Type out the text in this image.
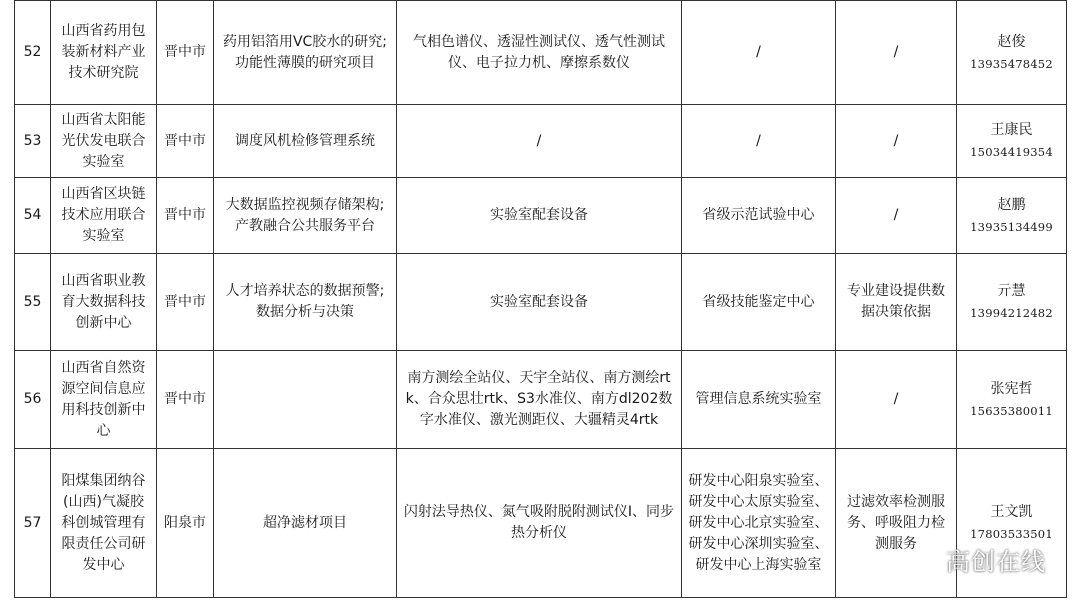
52	山西省药用包装新材料产业技术研究院	晋中市	药用铝箔用VC胶水的研究;功能性薄膜的研究项目	气相色谱仪、透湿性测试仪、透气性测试仪、电子拉力机、摩擦系数仪	/	/	赵俊
13935478452

53	山西省太阳能光伏发电联合实验室	晋中市	调度风机检修管理系统	/	/	/	王康民
15034419354

54	山西省区块链技术应用联合实验室	晋中市	大数据监控视频存储架构;产教融合公共服务平台	实验室配套设备	省级示范试验中心	/	赵鹏
13935134499

55	山西省职业教育大数据科技创新中心	晋中市	人才培养状态的数据预警;数据分析与决策	实验室配套设备	省级技能鉴定中心	专业建设提供数据决策依据	亓慧
13994212482

56	山西省自然资源空间信息应用科技创新中心	晋中市		南方测绘全站仪、天宇全站仪、南方测绘rtk、合众思壮rtk、S3水准仪、南方dl202数字水准仪、激光测距仪、大疆精灵4rtk	管理信息系统实验室	/	张宪哲
15635380011

57	阳煤集团纳谷(山西)气凝胶科创城管理有限责任公司研发中心	阳泉市	超净滤材项目	闪射法导热仪、氮气吸附脱附测试仪I、同步热分析仪	研发中心阳泉实验室、研发中心太原实验室、研发中心北京实验室、研发中心深圳实验室、研发中心上海实验室	过滤效率检测服务、呼吸阻力检测服务	王文凯
17803533501
高创在线
